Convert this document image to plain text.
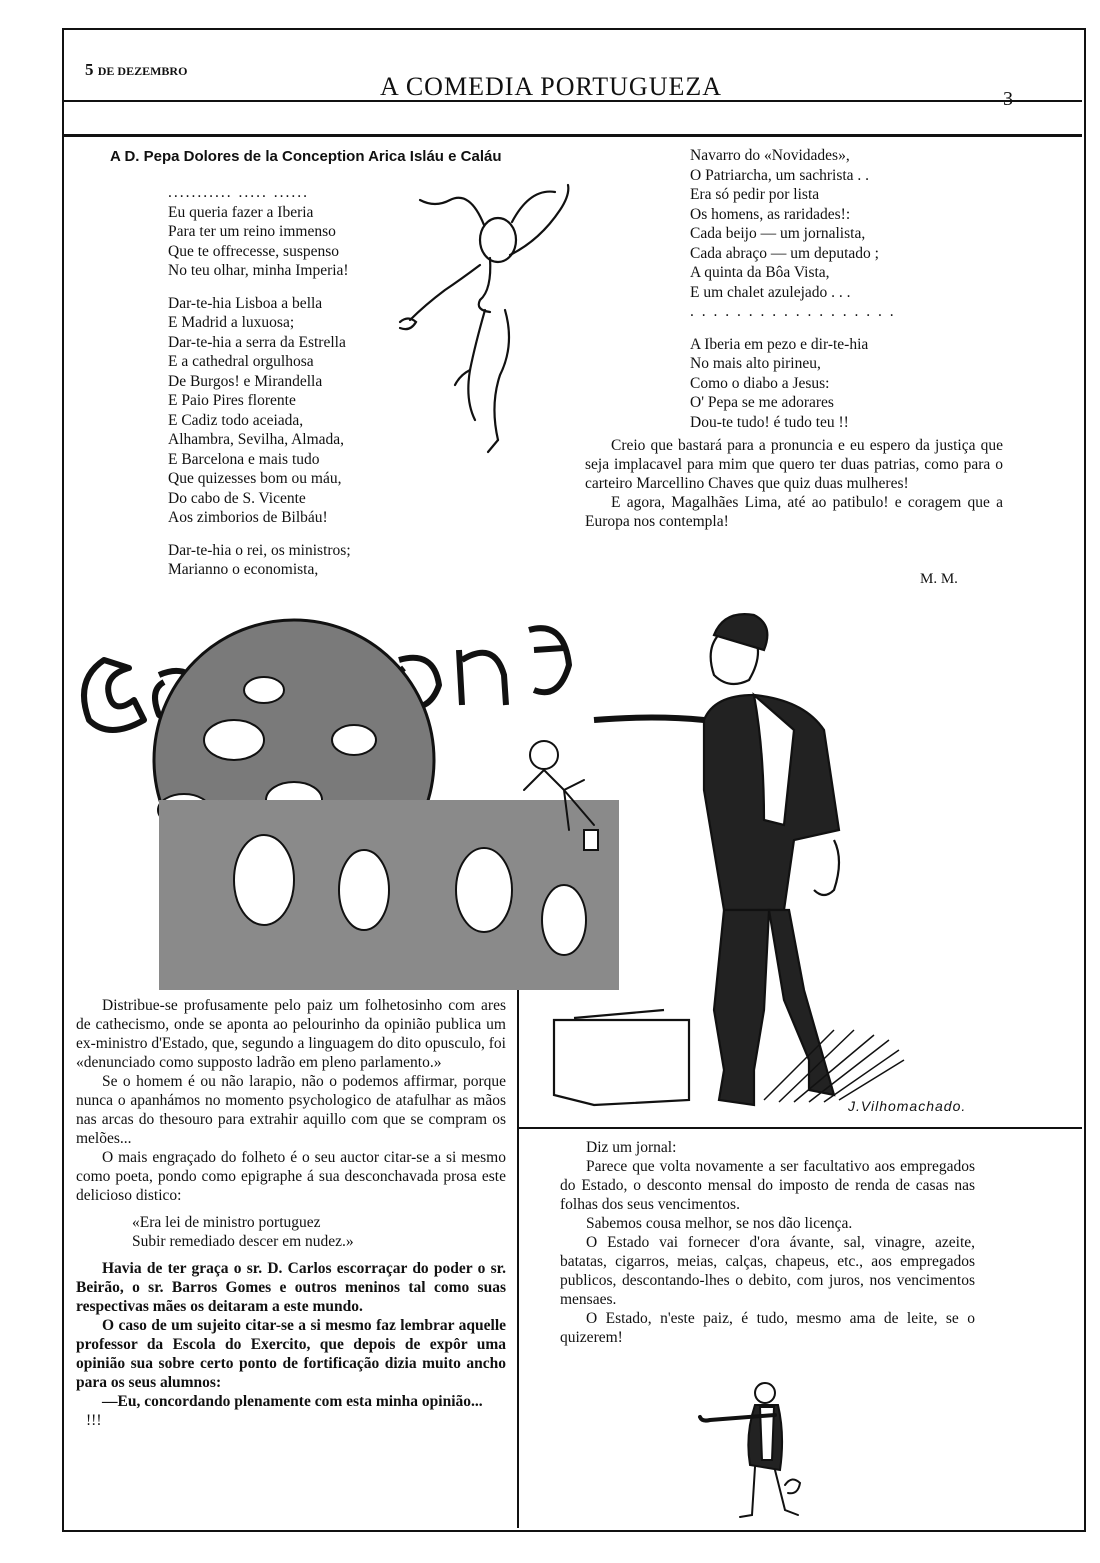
5 DE DEZEMBRO
A COMEDIA PORTUGUEZA	3
A D. Pepa Dolores de la Conception Arica Isláu e Caláu
........... ..... ......
Eu queria fazer a Iberia
Para ter um reino immenso
Que te offrecesse, suspenso
No teu olhar, minha Imperia!
Dar-te-hia Lisboa a bella
E Madrid a luxuosa;
Dar-te-hia a serra da Estrella
E a cathedral orgulhosa
De Burgos! e Mirandella
E Paio Pires florente
E Cadiz todo aceiada,
Alhambra, Sevilha, Almada,
E Barcelona e mais tudo
Que quizesses bom ou máu,
Do cabo de S. Vicente
Aos zimborios de Bilbáu!
Dar-te-hia o rei, os ministros;
Marianno o economista,
Navarro do «Novidades»,
O Patriarcha, um sachrista . .
Era só pedir por lista
Os homens, as raridades!:
Cada beijo — um jornalista,
Cada abraço — um deputado ;
A quinta da Bôa Vista,
E um chalet azulejado . . .
. . . . . . . . . . . . . . . . . .
A Iberia em pezo e dir-te-hia
No mais alto pirineu,
Como o diabo a Jesus:
O' Pepa se me adorares
Dou-te tudo! é tudo teu !!

Creio que bastará para a pronuncia e eu espero da justiça que seja implacavel para mim que quero ter duas patrias, como para o carteiro Marcellino Chaves que quiz duas mulheres!

E agora, Magalhães Lima, até ao patibulo! e coragem que a Europa nos contempla!

M. M.
J.Vilhomachado.

Distribue-se profusamente pelo paiz um folhetosinho com ares de cathecismo, onde se aponta ao pelourinho da opinião publica um ex-ministro d'Estado, que, segundo a linguagem do dito opusculo, foi «denunciado como supposto ladrão em pleno parlamento.»

Se o homem é ou não larapio, não o podemos affirmar, porque nunca o apanhámos no momento psychologico de atafulhar as mãos nas arcas do thesouro para extrahir aquillo com que se compram os melões...

O mais engraçado do folheto é o seu auctor citar-se a si mesmo como poeta, pondo como epigraphe á sua desconchavada prosa este delicioso distico:

«Era lei de ministro portuguez

Subir remediado descer em nudez.»

Havia de ter graça o sr. D. Carlos escorraçar do poder o sr. Beirão, o sr. Barros Gomes e outros meninos tal como suas respectivas mães os deitaram a este mundo.

O caso de um sujeito citar-se a si mesmo faz lembrar aquelle professor da Escola do Exercito, que depois de expôr uma opinião sua sobre certo ponto de fortificação dizia muito ancho para os seus alumnos:

—Eu, concordando plenamente com esta minha opinião...

!!!

Diz um jornal:

Parece que volta novamente a ser facultativo aos empregados do Estado, o desconto mensal do imposto de renda de casas nas folhas dos seus vencimentos.

Sabemos cousa melhor, se nos dão licença.

O Estado vai fornecer d'ora ávante, sal, vinagre, azeite, batatas, cigarros, meias, calças, chapeus, etc., aos empregados publicos, descontando-lhes o debito, com juros, nos vencimentos mensaes.

O Estado, n'este paiz, é tudo, mesmo ama de leite, se o quizerem!
